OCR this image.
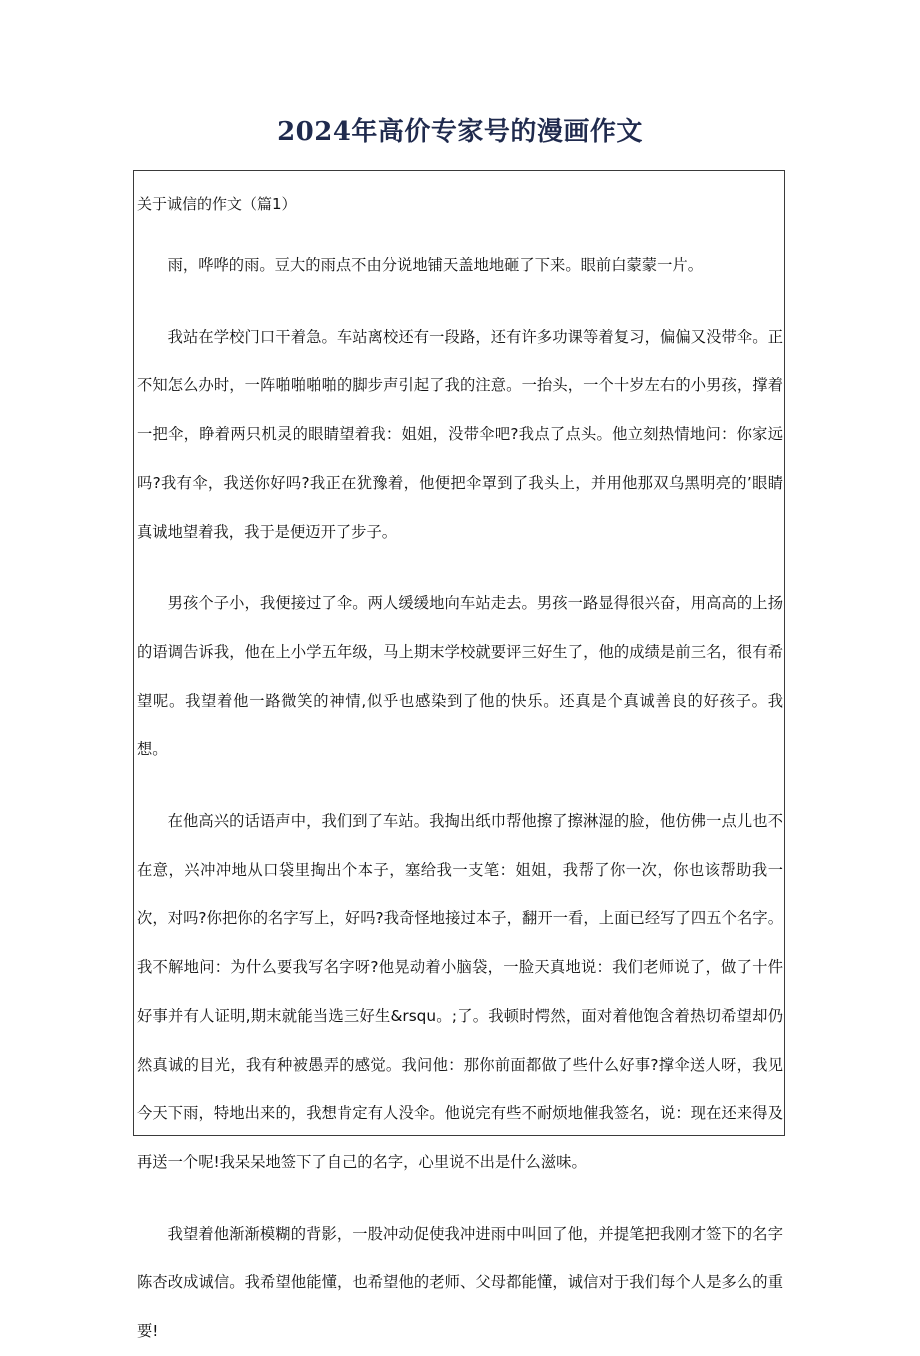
2024年高价专家号的漫画作文
关于诚信的作文（篇1）

雨，哗哗的雨。豆大的雨点不由分说地铺天盖地地砸了下来。眼前白蒙蒙一片。

我站在学校门口干着急。车站离校还有一段路，还有许多功课等着复习，偏偏又没带伞。正不知怎么办时，一阵啪啪啪啪的脚步声引起了我的注意。一抬头，一个十岁左右的小男孩，撑着一把伞，睁着两只机灵的眼睛望着我：姐姐，没带伞吧?我点了点头。他立刻热情地问：你家远吗?我有伞，我送你好吗?我正在犹豫着，他便把伞罩到了我头上，并用他那双乌黑明亮的’眼睛真诚地望着我，我于是便迈开了步子。

男孩个子小，我便接过了伞。两人缓缓地向车站走去。男孩一路显得很兴奋，用高高的上扬的语调告诉我，他在上小学五年级，马上期末学校就要评三好生了，他的成绩是前三名，很有希望呢。我望着他一路微笑的神情,似乎也感染到了他的快乐。还真是个真诚善良的好孩子。我想。

在他高兴的话语声中，我们到了车站。我掏出纸巾帮他擦了擦淋湿的脸，他仿佛一点儿也不在意，兴冲冲地从口袋里掏出个本子，塞给我一支笔：姐姐，我帮了你一次，你也该帮助我一次，对吗?你把你的名字写上，好吗?我奇怪地接过本子，翻开一看，上面已经写了四五个名字。我不解地问：为什么要我写名字呀?他晃动着小脑袋，一脸天真地说：我们老师说了，做了十件好事并有人证明,期末就能当选三好生&rsqu。;了。我顿时愕然，面对着他饱含着热切希望却仍然真诚的目光，我有种被愚弄的感觉。我问他：那你前面都做了些什么好事?撑伞送人呀，我见今天下雨，特地出来的，我想肯定有人没伞。他说完有些不耐烦地催我签名，说：现在还来得及再送一个呢!我呆呆地签下了自己的名字，心里说不出是什么滋味。

我望着他渐渐模糊的背影，一股冲动促使我冲进雨中叫回了他，并提笔把我刚才签下的名字陈杏改成诚信。我希望他能懂，也希望他的老师、父母都能懂，诚信对于我们每个人是多么的重要!
